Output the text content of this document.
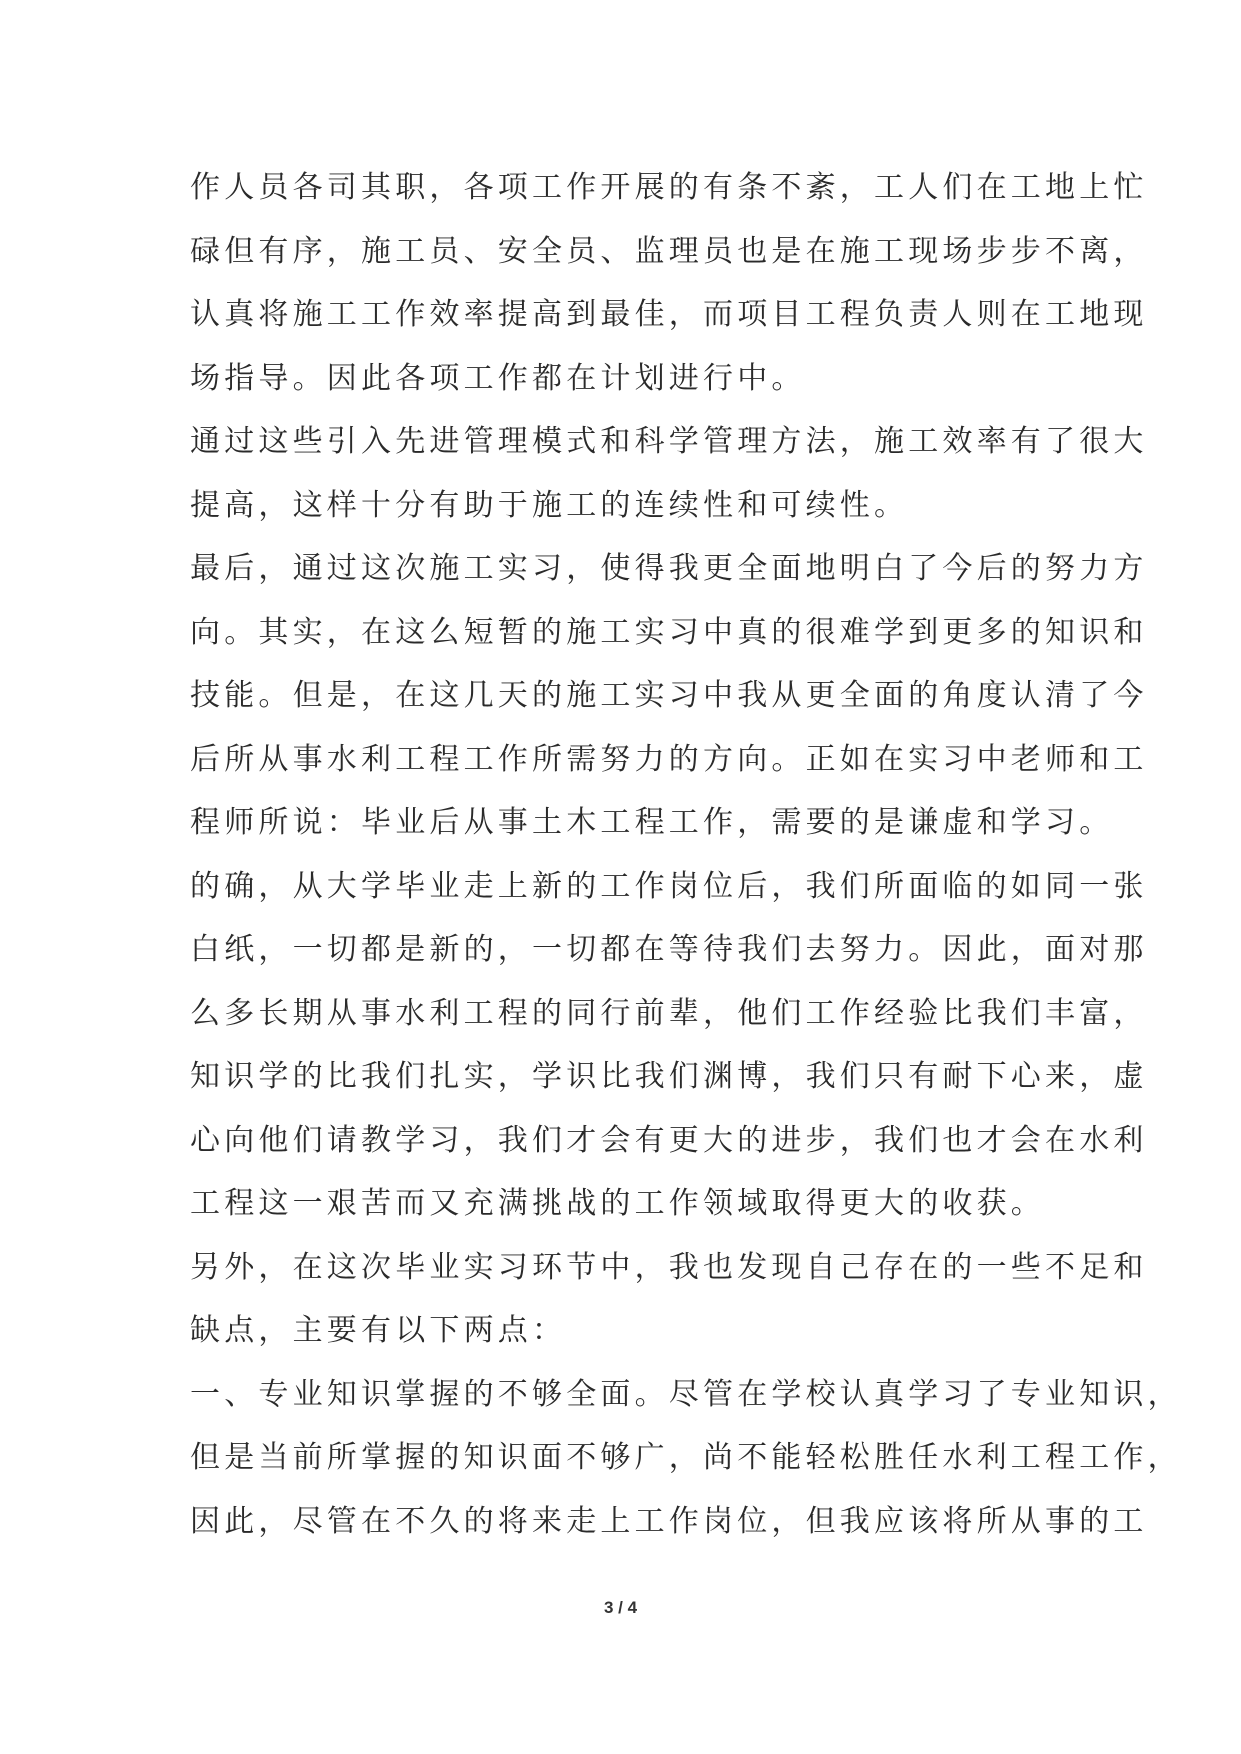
作人员各司其职，各项工作开展的有条不紊，工人们在工地上忙
碌但有序，施工员、安全员、监理员也是在施工现场步步不离，
认真将施工工作效率提高到最佳，而项目工程负责人则在工地现
场指导。因此各项工作都在计划进行中。
通过这些引入先进管理模式和科学管理方法，施工效率有了很大
提高，这样十分有助于施工的连续性和可续性。
最后，通过这次施工实习，使得我更全面地明白了今后的努力方
向。其实，在这么短暂的施工实习中真的很难学到更多的知识和
技能。但是，在这几天的施工实习中我从更全面的角度认清了今
后所从事水利工程工作所需努力的方向。正如在实习中老师和工
程师所说：毕业后从事土木工程工作，需要的是谦虚和学习。
的确，从大学毕业走上新的工作岗位后，我们所面临的如同一张
白纸，一切都是新的，一切都在等待我们去努力。因此，面对那
么多长期从事水利工程的同行前辈，他们工作经验比我们丰富，
知识学的比我们扎实，学识比我们渊博，我们只有耐下心来，虚
心向他们请教学习，我们才会有更大的进步，我们也才会在水利
工程这一艰苦而又充满挑战的工作领域取得更大的收获。
另外，在这次毕业实习环节中，我也发现自己存在的一些不足和
缺点，主要有以下两点：
一、专业知识掌握的不够全面。尽管在学校认真学习了专业知识，
但是当前所掌握的知识面不够广，尚不能轻松胜任水利工程工作，
因此，尽管在不久的将来走上工作岗位，但我应该将所从事的工
3 / 4
